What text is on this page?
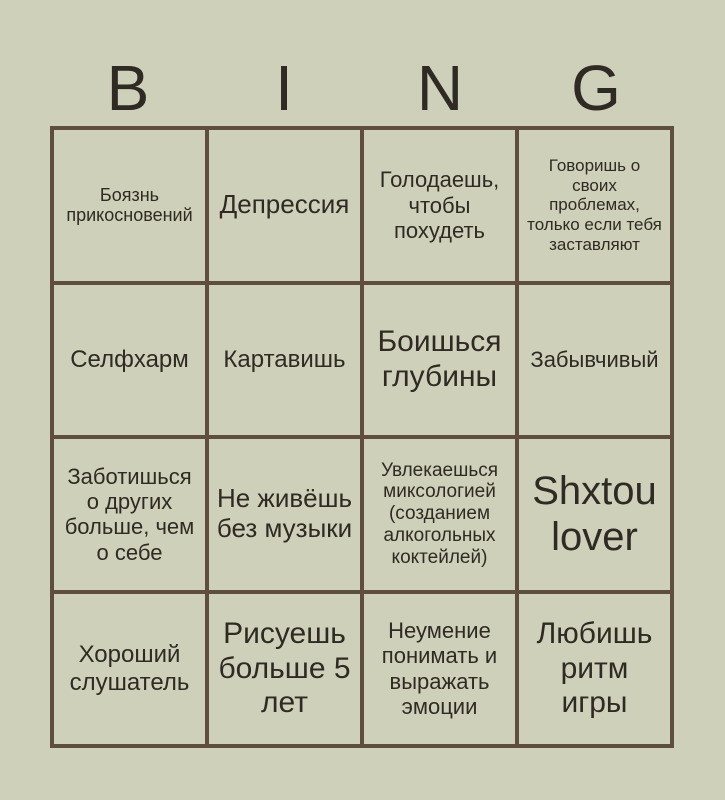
B	I	N	G
Боязнь прикосновений Депрессия
Голодаешь, чтобы похудеть
Говоришь о своих проблемах, только если тебя заставляют
Селфхарм Картавишь
Боишься глубины
Забывчивый
Заботишься о других больше, чем о себе
Не живёшь без музыки
Увлекаешься миксологией (созданием алкогольных коктейлей)
Shxtou lover
Хороший слушатель
Рисуешь больше 5 лет
Неумение понимать и выражать эмоции
Любишь ритм игры
